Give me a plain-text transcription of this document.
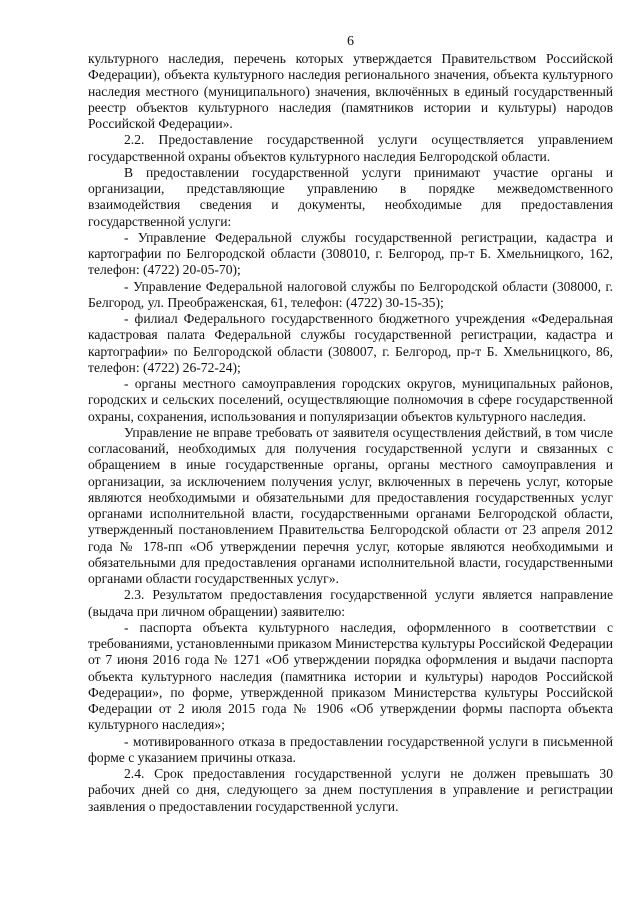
6

культурного наследия, перечень которых утверждается Правительством Российской Федерации), объекта культурного наследия регионального значения, объекта культурного наследия местного (муниципального) значения, включённых в единый государственный реестр объектов культурного наследия (памятников истории и культуры) народов Российской Федерации».

2.2. Предоставление государственной услуги осуществляется управлением государственной охраны объектов культурного наследия Белгородской области.

В предоставлении государственной услуги принимают участие органы и организации, представляющие управлению в порядке межведомственного взаимодействия сведения и документы, необходимые для предоставления государственной услуги:

- Управление Федеральной службы государственной регистрации, кадастра и картографии по Белгородской области (308010, г. Белгород, пр-т Б. Хмельницкого, 162, телефон: (4722) 20-05-70);

- Управление Федеральной налоговой службы по Белгородской области (308000, г. Белгород, ул. Преображенская, 61, телефон: (4722) 30-15-35);

- филиал Федерального государственного бюджетного учреждения «Федеральная кадастровая палата Федеральной службы государственной регистрации, кадастра и картографии» по Белгородской области (308007, г. Белгород, пр-т Б. Хмельницкого, 86, телефон: (4722) 26-72-24);

- органы местного самоуправления городских округов, муниципальных районов, городских и сельских поселений, осуществляющие полномочия в сфере государственной охраны, сохранения, использования и популяризации объектов культурного наследия.

Управление не вправе требовать от заявителя осуществления действий, в том числе согласований, необходимых для получения государственной услуги и связанных с обращением в иные государственные органы, органы местного самоуправления и организации, за исключением получения услуг, включенных в перечень услуг, которые являются необходимыми и обязательными для предоставления государственных услуг органами исполнительной власти, государственными органами Белгородской области, утвержденный постановлением Правительства Белгородской области от 23 апреля 2012 года № 178-пп «Об утверждении перечня услуг, которые являются необходимыми и обязательными для предоставления органами исполнительной власти, государственными органами области государственных услуг».

2.3. Результатом предоставления государственной услуги является направление (выдача при личном обращении) заявителю:

- паспорта объекта культурного наследия, оформленного в соответствии с требованиями, установленными приказом Министерства культуры Российской Федерации от 7 июня 2016 года № 1271 «Об утверждении порядка оформления и выдачи паспорта объекта культурного наследия (памятника истории и культуры) народов Российской Федерации», по форме, утвержденной приказом Министерства культуры Российской Федерации от 2 июля 2015 года № 1906 «Об утверждении формы паспорта объекта культурного наследия»;

- мотивированного отказа в предоставлении государственной услуги в письменной форме с указанием причины отказа.

2.4. Срок предоставления государственной услуги не должен превышать 30 рабочих дней со дня, следующего за днем поступления в управление и регистрации заявления о предоставлении государственной услуги.
